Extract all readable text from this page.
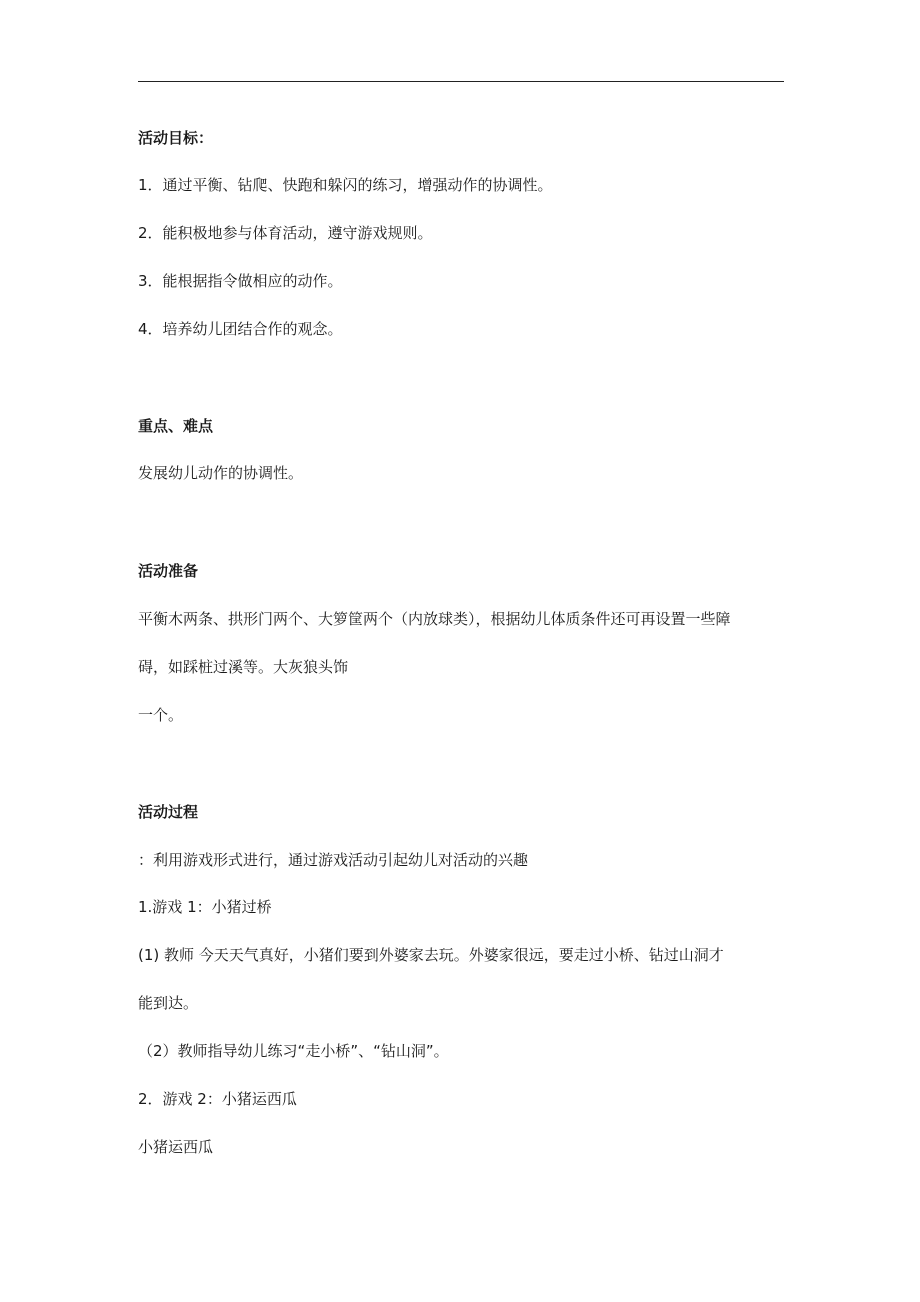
活动目标：
1．通过平衡、钻爬、快跑和躲闪的练习，增强动作的协调性。
2．能积极地参与体育活动，遵守游戏规则。
3．能根据指令做相应的动作。
4．培养幼儿团结合作的观念。
重点、难点
发展幼儿动作的协调性。
活动准备
平衡木两条、拱形门两个、大箩筐两个（内放球类），根据幼儿体质条件还可再设置一些障
碍，如踩桩过溪等。大灰狼头饰
一个。
活动过程
：利用游戏形式进行，通过游戏活动引起幼儿对活动的兴趣
1.游戏 1：小猪过桥
(1) 教师 今天天气真好，小猪们要到外婆家去玩。外婆家很远，要走过小桥、钻过山洞才
能到达。
（2）教师指导幼儿练习“走小桥”、“钻山洞”。
2．游戏 2：小猪运西瓜
小猪运西瓜
